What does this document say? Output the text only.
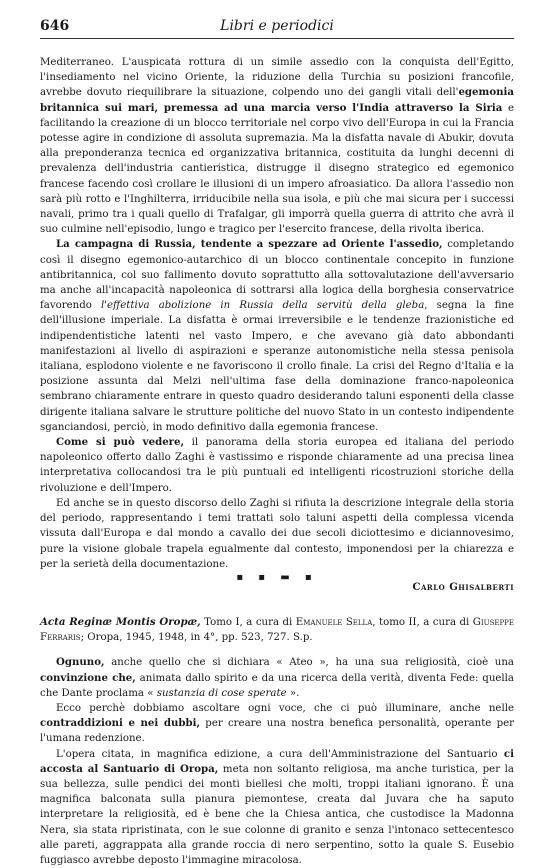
646	Libri e periodici

Mediterraneo. L'auspicata rottura di un simile assedio con la conquista dell'Egitto, l'insediamento nel vicino Oriente, la riduzione della Turchia su posizioni francofile, avrebbe dovuto riequilibrare la situazione, colpendo uno dei gangli vitali dell'egemonia britannica sui mari, premessa ad una marcia verso l'India attraverso la Siria e facilitando la creazione di un blocco territoriale nel corpo vivo dell'Europa in cui la Francia potesse agire in condizione di assoluta supremazia. Ma la disfatta navale di Abukir, dovuta alla preponderanza tecnica ed organizzativa britannica, costituita da lunghi decenni di prevalenza dell'industria cantieristica, distrugge il disegno strategico ed egemonico francese facendo così crollare le illusioni di un impero afroasiatico. Da allora l'assedio non sarà più rotto e l'Inghilterra, irriducibile nella sua isola, e più che mai sicura per i successi navali, primo tra i quali quello di Trafalgar, gli imporrà quella guerra di attrito che avrà il suo culmine nell'episodio, lungo e tragico per l'esercito francese, della rivolta iberica.

La campagna di Russia, tendente a spezzare ad Oriente l'assedio, completando così il disegno egemonico-autarchico di un blocco continentale concepito in funzione antibritannica, col suo fallimento dovuto soprattutto alla sottovalutazione dell'avversario ma anche all'incapacità napoleonica di sottrarsi alla logica della borghesia conservatrice favorendo l'effettiva abolizione in Russia della servitù della gleba, segna la fine dell'illusione imperiale. La disfatta è ormai irreversibile e le tendenze frazionistiche ed indipendentistiche latenti nel vasto Impero, e che avevano già dato abbondanti manifestazioni al livello di aspirazioni e speranze autonomistiche nella stessa penisola italiana, esplodono violente e ne favoriscono il crollo finale. La crisi del Regno d'Italia e la posizione assunta dal Melzi nell'ultima fase della dominazione franco-napoleonica sembrano chiaramente entrare in questo quadro desiderando taluni esponenti della classe dirigente italiana salvare le strutture politiche del nuovo Stato in un contesto indipendente sganciandosi, perciò, in modo definitivo dalla egemonia francese.

Come si può vedere, il panorama della storia europea ed italiana del periodo napoleonico offerto dallo Zaghi è vastissimo e risponde chiaramente ad una precisa linea interpretativa collocandosi tra le più puntuali ed intelligenti ricostruzioni storiche della rivoluzione e dell'Impero.

Ed anche se in questo discorso dello Zaghi si rifiuta la descrizione integrale della storia del periodo, rappresentando i temi trattati solo taluni aspetti della complessa vicenda vissuta dall'Europa e dal mondo a cavallo dei due secoli diciottesimo e diciannovesimo, pure la visione globale trapela egualmente dal contesto, imponendosi per la chiarezza e per la serietà della documentazione.

▪ ▪ ▬ ▪
Carlo Ghisalberti

Acta Reginæ Montis Oropæ, Tomo I, a cura di Emanuele Sella, tomo II, a cura di Giuseppe Ferraris; Oropa, 1945, 1948, in 4°, pp. 523, 727. S.p.

Ognuno, anche quello che si dichiara « Ateo », ha una sua religiosità, cioè una convinzione che, animata dallo spirito e da una ricerca della verità, diventa Fede: quella che Dante proclama « sustanzia di cose sperate ».

Ecco perchè dobbiamo ascoltare ogni voce, che ci può illuminare, anche nelle contraddizioni e nei dubbi, per creare una nostra benefica personalità, operante per l'umana redenzione.

L'opera citata, in magnifica edizione, a cura dell'Amministrazione del Santuario ci accosta al Santuario di Oropa, meta non soltanto religiosa, ma anche turistica, per la sua bellezza, sulle pendici dei monti biellesi che molti, troppi italiani ignorano. È una magnifica balconata sulla pianura piemontese, creata dal Juvara che ha saputo interpretare la religiosità, ed è bene che la Chiesa antica, che custodisce la Madonna Nera, sia stata ripristinata, con le sue colonne di granito e senza l'intonaco settecentesco alle pareti, aggrappata alla grande roccia di nero serpentino, sotto la quale S. Eusebio fuggiasco avrebbe deposto l'immagine miracolosa.
